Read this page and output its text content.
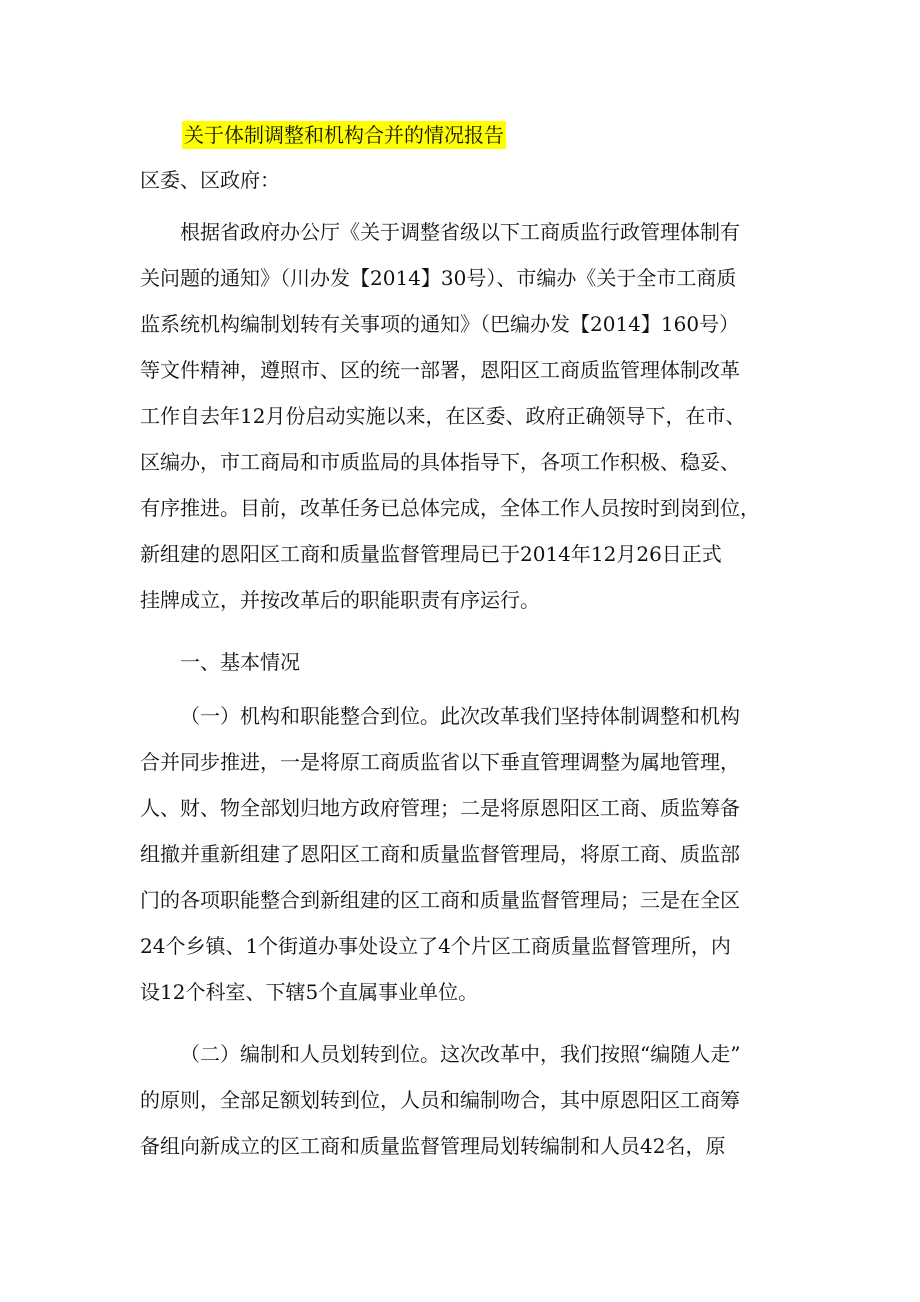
关于体制调整和机构合并的情况报告
区委、区政府：
根据省政府办公厅《关于调整省级以下工商质监行政管理体制有
关问题的通知》（川办发【2014】30号）、市编办《关于全市工商质
监系统机构编制划转有关事项的通知》（巴编办发【2014】160号）
等文件精神，遵照市、区的统一部署，恩阳区工商质监管理体制改革
工作自去年12月份启动实施以来，在区委、政府正确领导下，在市、
区编办，市工商局和市质监局的具体指导下，各项工作积极、稳妥、
有序推进。目前，改革任务已总体完成，全体工作人员按时到岗到位，
新组建的恩阳区工商和质量监督管理局已于2014年12月26日正式
挂牌成立，并按改革后的职能职责有序运行。
一、基本情况
（一）机构和职能整合到位。此次改革我们坚持体制调整和机构
合并同步推进，一是将原工商质监省以下垂直管理调整为属地管理，
人、财、物全部划归地方政府管理；二是将原恩阳区工商、质监筹备
组撤并重新组建了恩阳区工商和质量监督管理局，将原工商、质监部
门的各项职能整合到新组建的区工商和质量监督管理局；三是在全区
24个乡镇、1个街道办事处设立了4个片区工商质量监督管理所，内
设12个科室、下辖5个直属事业单位。
（二）编制和人员划转到位。这次改革中，我们按照“编随人走”
的原则，全部足额划转到位，人员和编制吻合，其中原恩阳区工商筹
备组向新成立的区工商和质量监督管理局划转编制和人员42名，原
